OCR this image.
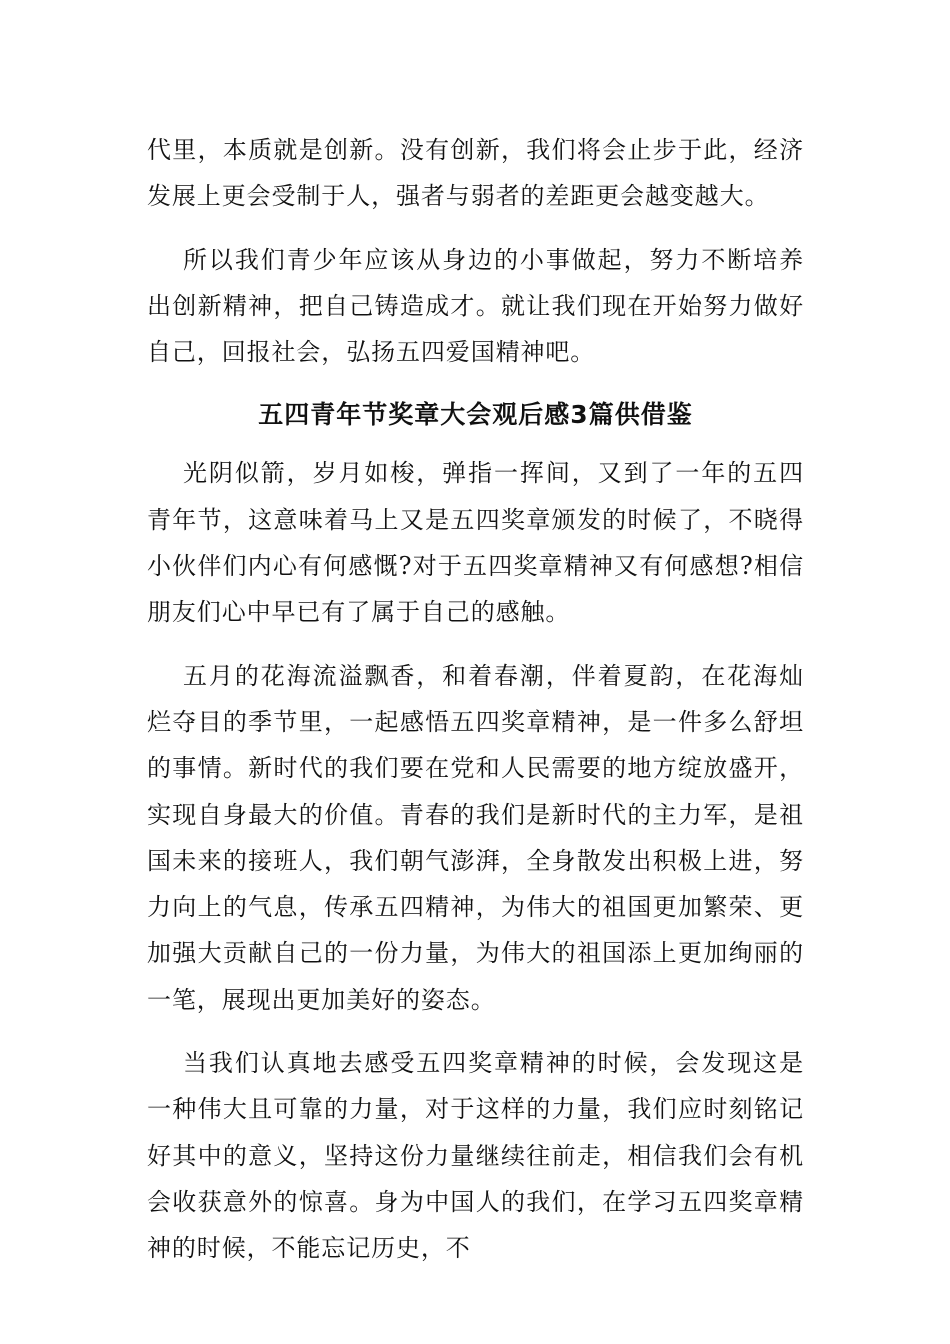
代里，本质就是创新。没有创新，我们将会止步于此，经济发展上更会受制于人，强者与弱者的差距更会越变越大。

所以我们青少年应该从身边的小事做起，努力不断培养出创新精神，把自己铸造成才。就让我们现在开始努力做好自己，回报社会，弘扬五四爱国精神吧。

五四青年节奖章大会观后感3篇供借鉴

光阴似箭，岁月如梭，弹指一挥间，又到了一年的五四青年节，这意味着马上又是五四奖章颁发的时候了，不晓得小伙伴们内心有何感慨?对于五四奖章精神又有何感想?相信朋友们心中早已有了属于自己的感触。

五月的花海流溢飘香，和着春潮，伴着夏韵，在花海灿烂夺目的季节里，一起感悟五四奖章精神，是一件多么舒坦的事情。新时代的我们要在党和人民需要的地方绽放盛开，实现自身最大的价值。青春的我们是新时代的主力军，是祖国未来的接班人，我们朝气澎湃，全身散发出积极上进，努力向上的气息，传承五四精神，为伟大的祖国更加繁荣、更加强大贡献自己的一份力量，为伟大的祖国添上更加绚丽的一笔，展现出更加美好的姿态。

当我们认真地去感受五四奖章精神的时候，会发现这是一种伟大且可靠的力量，对于这样的力量，我们应时刻铭记好其中的意义，坚持这份力量继续往前走，相信我们会有机会收获意外的惊喜。身为中国人的我们，在学习五四奖章精神的时候，不能忘记历史，不
